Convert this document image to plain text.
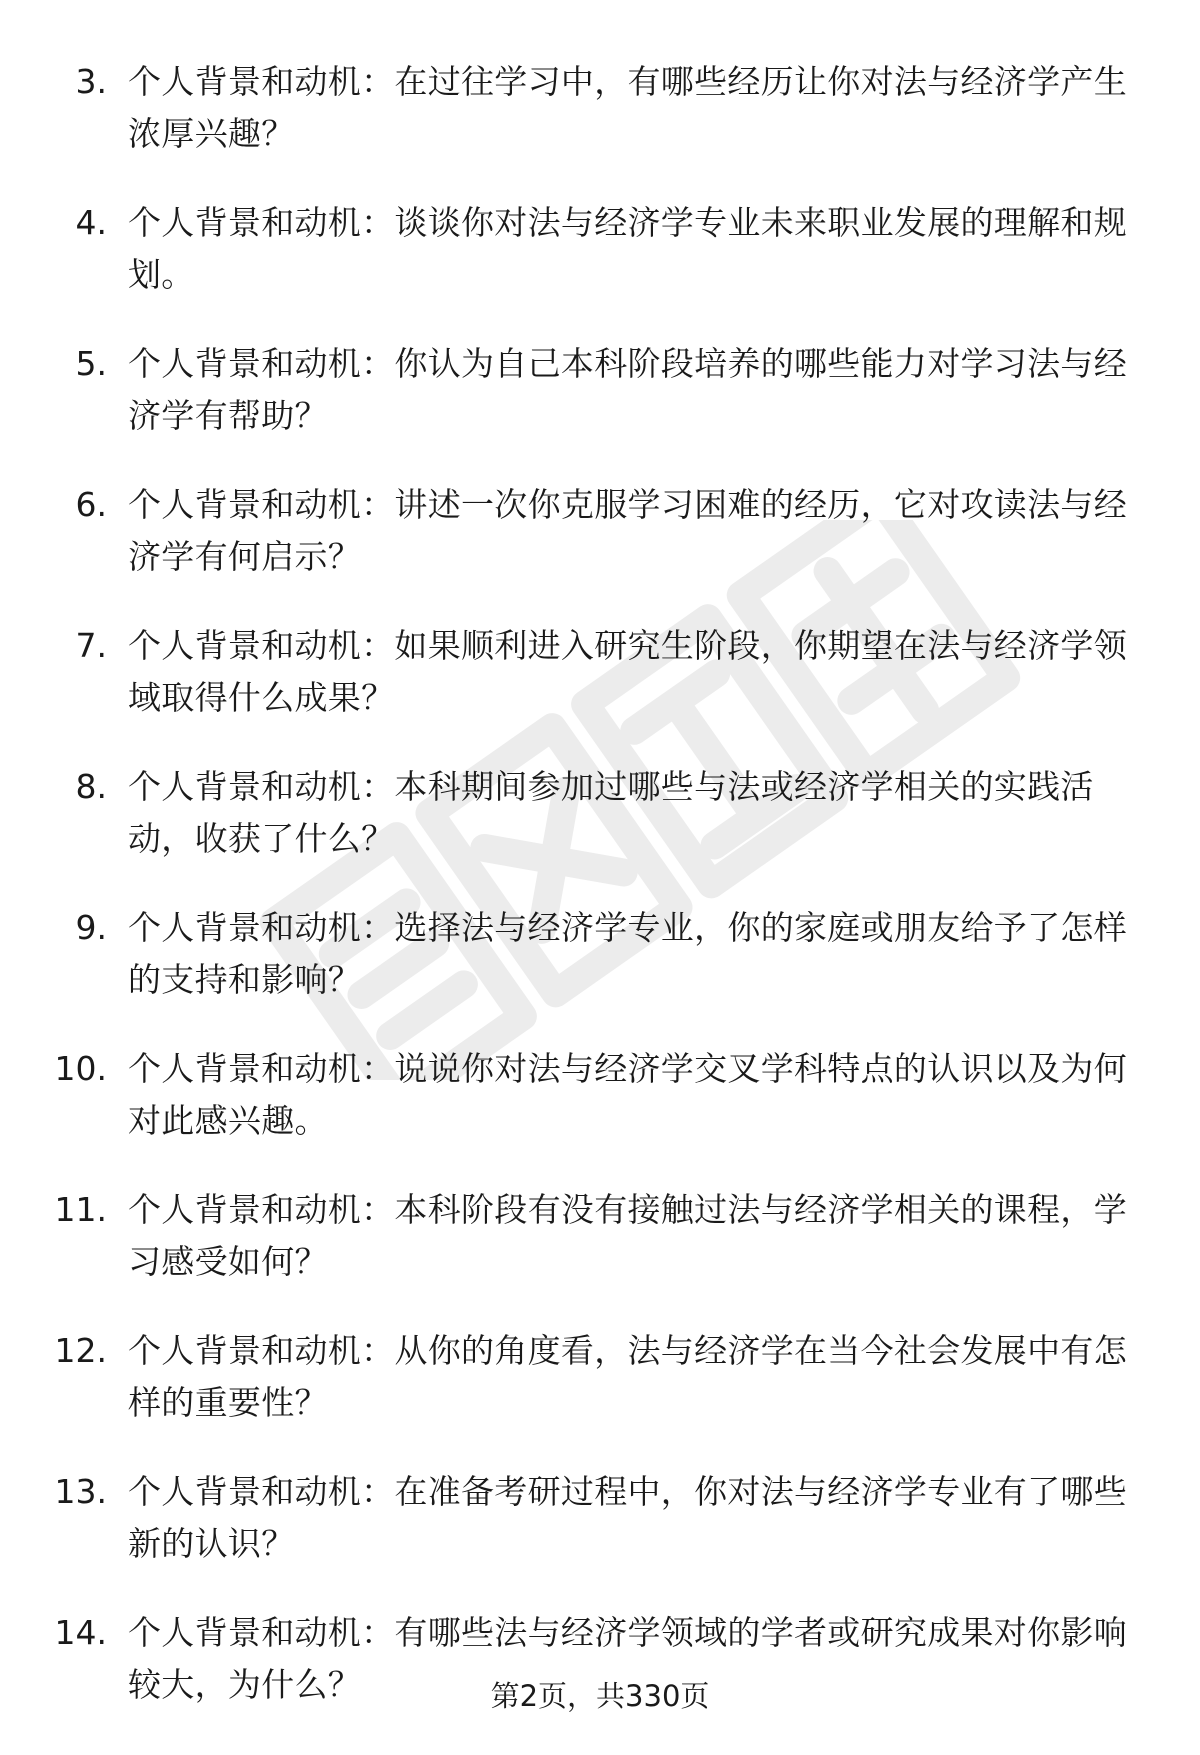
3. 个人背景和动机：在过往学习中，有哪些经历让你对法与经济学产生浓厚兴趣？
4. 个人背景和动机：谈谈你对法与经济学专业未来职业发展的理解和规划。
5. 个人背景和动机：你认为自己本科阶段培养的哪些能力对学习法与经济学有帮助？
6. 个人背景和动机：讲述一次你克服学习困难的经历，它对攻读法与经济学有何启示？
7. 个人背景和动机：如果顺利进入研究生阶段，你期望在法与经济学领域取得什么成果？
8. 个人背景和动机：本科期间参加过哪些与法或经济学相关的实践活动，收获了什么？
9. 个人背景和动机：选择法与经济学专业，你的家庭或朋友给予了怎样的支持和影响？
10. 个人背景和动机：说说你对法与经济学交叉学科特点的认识以及为何对此感兴趣。
11. 个人背景和动机：本科阶段有没有接触过法与经济学相关的课程，学习感受如何？
12. 个人背景和动机：从你的角度看，法与经济学在当今社会发展中有怎样的重要性？
13. 个人背景和动机：在准备考研过程中，你对法与经济学专业有了哪些新的认识？
14. 个人背景和动机：有哪些法与经济学领域的学者或研究成果对你影响较大，为什么？	第2页，共330页
